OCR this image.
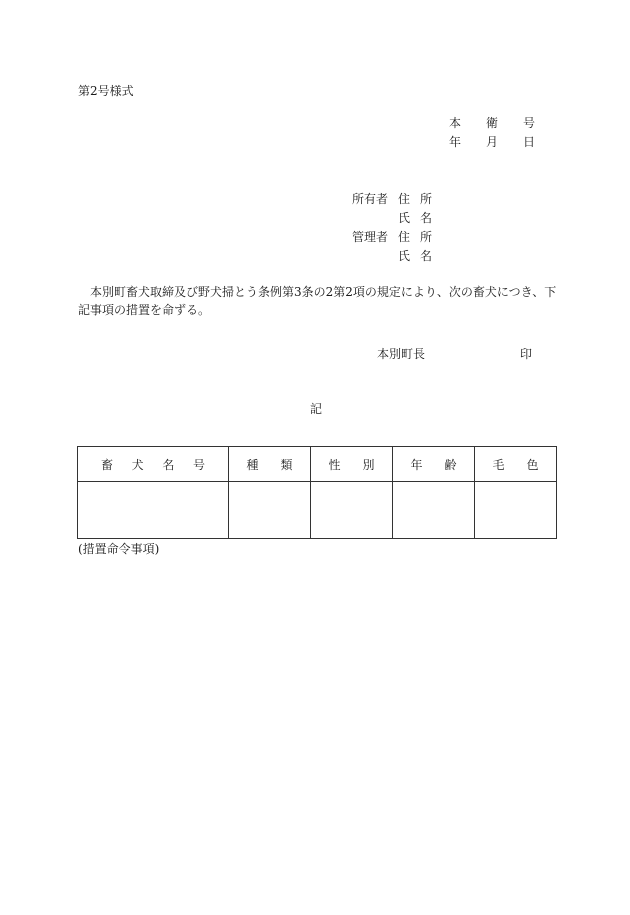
第2号様式
本	衛	号
年	月	日
所有者 住 所
氏 名
管理者 住 所
氏 名
本別町畜犬取締及び野犬掃とう条例第3条の2第2項の規定により、次の畜犬につき、下記事項の措置を命ずる。
本別町長	印
記
畜 犬 名 号	種 類	性 別	年 齢	毛 色

(措置命令事項)
